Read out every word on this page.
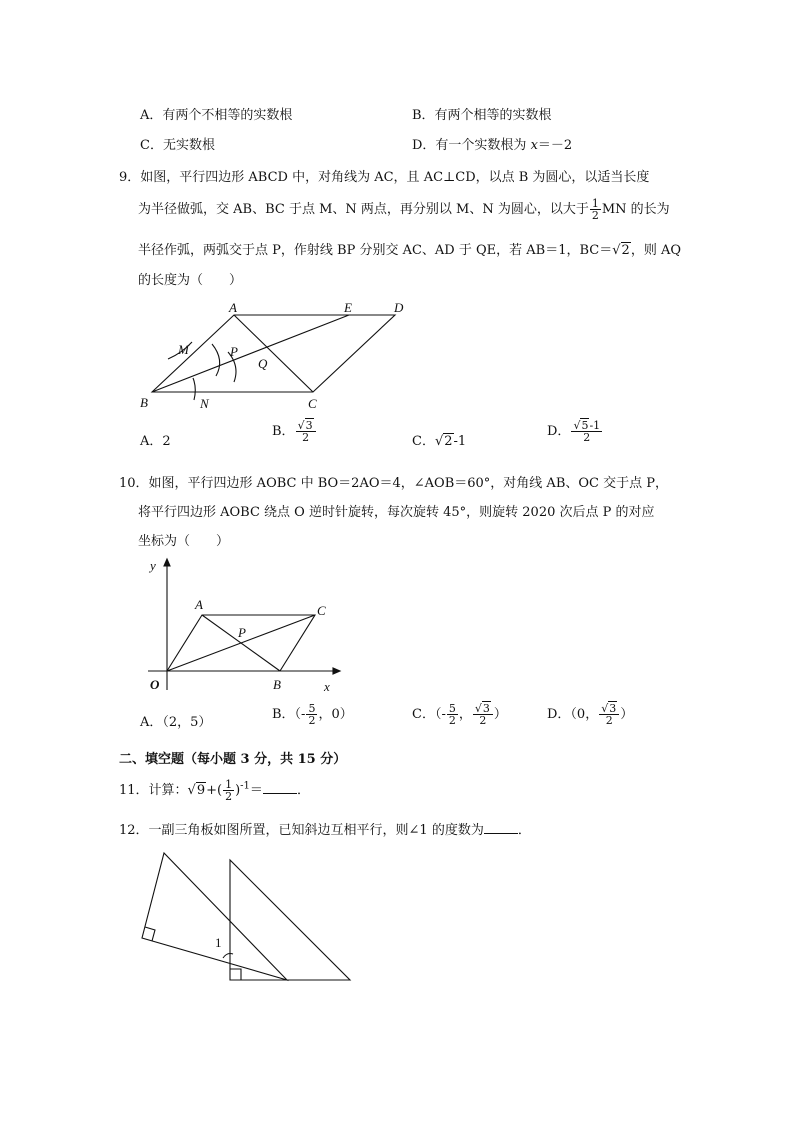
A．有两个不相等的实数根	B．有两个相等的实数根
C．无实数根	D．有一个实数根为 x＝－2
9．如图，平行四边形 ABCD 中，对角线为 AC，且 AC⊥CD，以点 B 为圆心，以适当长度
为半径做弧，交 AB、BC 于点 M、N 两点，再分别以 M、N 为圆心，以大于 $\frac{1}{2}$ MN 的长为
半径作弧，两弧交于点 P，作射线 BP 分别交 AC、AD 于 QE，若 AB＝1，BC＝√2，则 AQ
的长度为（　　）
A	E	D
M	P
Q
B	N	C
A．2
B． $\frac{√3}{2}$	C．√2-1
D． $\frac{√5-1}{2}$
10．如图，平行四边形 AOBC 中 BO＝2AO＝4，∠AOB＝60°，对角线 AB、OC 交于点 P，
将平行四边形 AOBC 绕点 O 逆时针旋转，每次旋转 45°，则旋转 2020 次后点 P 的对应
坐标为（　　）
y
x
O
A
B
C
P
A．（2，5）
B．（- $\frac{5}{2}$ ，0）	C．（- $\frac{5}{2}$ ， $\frac{√3}{2}$ ）	D．（0， $\frac{√3}{2}$ ）
二、填空题（每小题 3 分，共 15 分）
11．计算：$√9+( \frac{1}{2} )^{-1}=$	．
12．一副三角板如图所置，已知斜边互相平行，则∠1 的度数为	．
1
